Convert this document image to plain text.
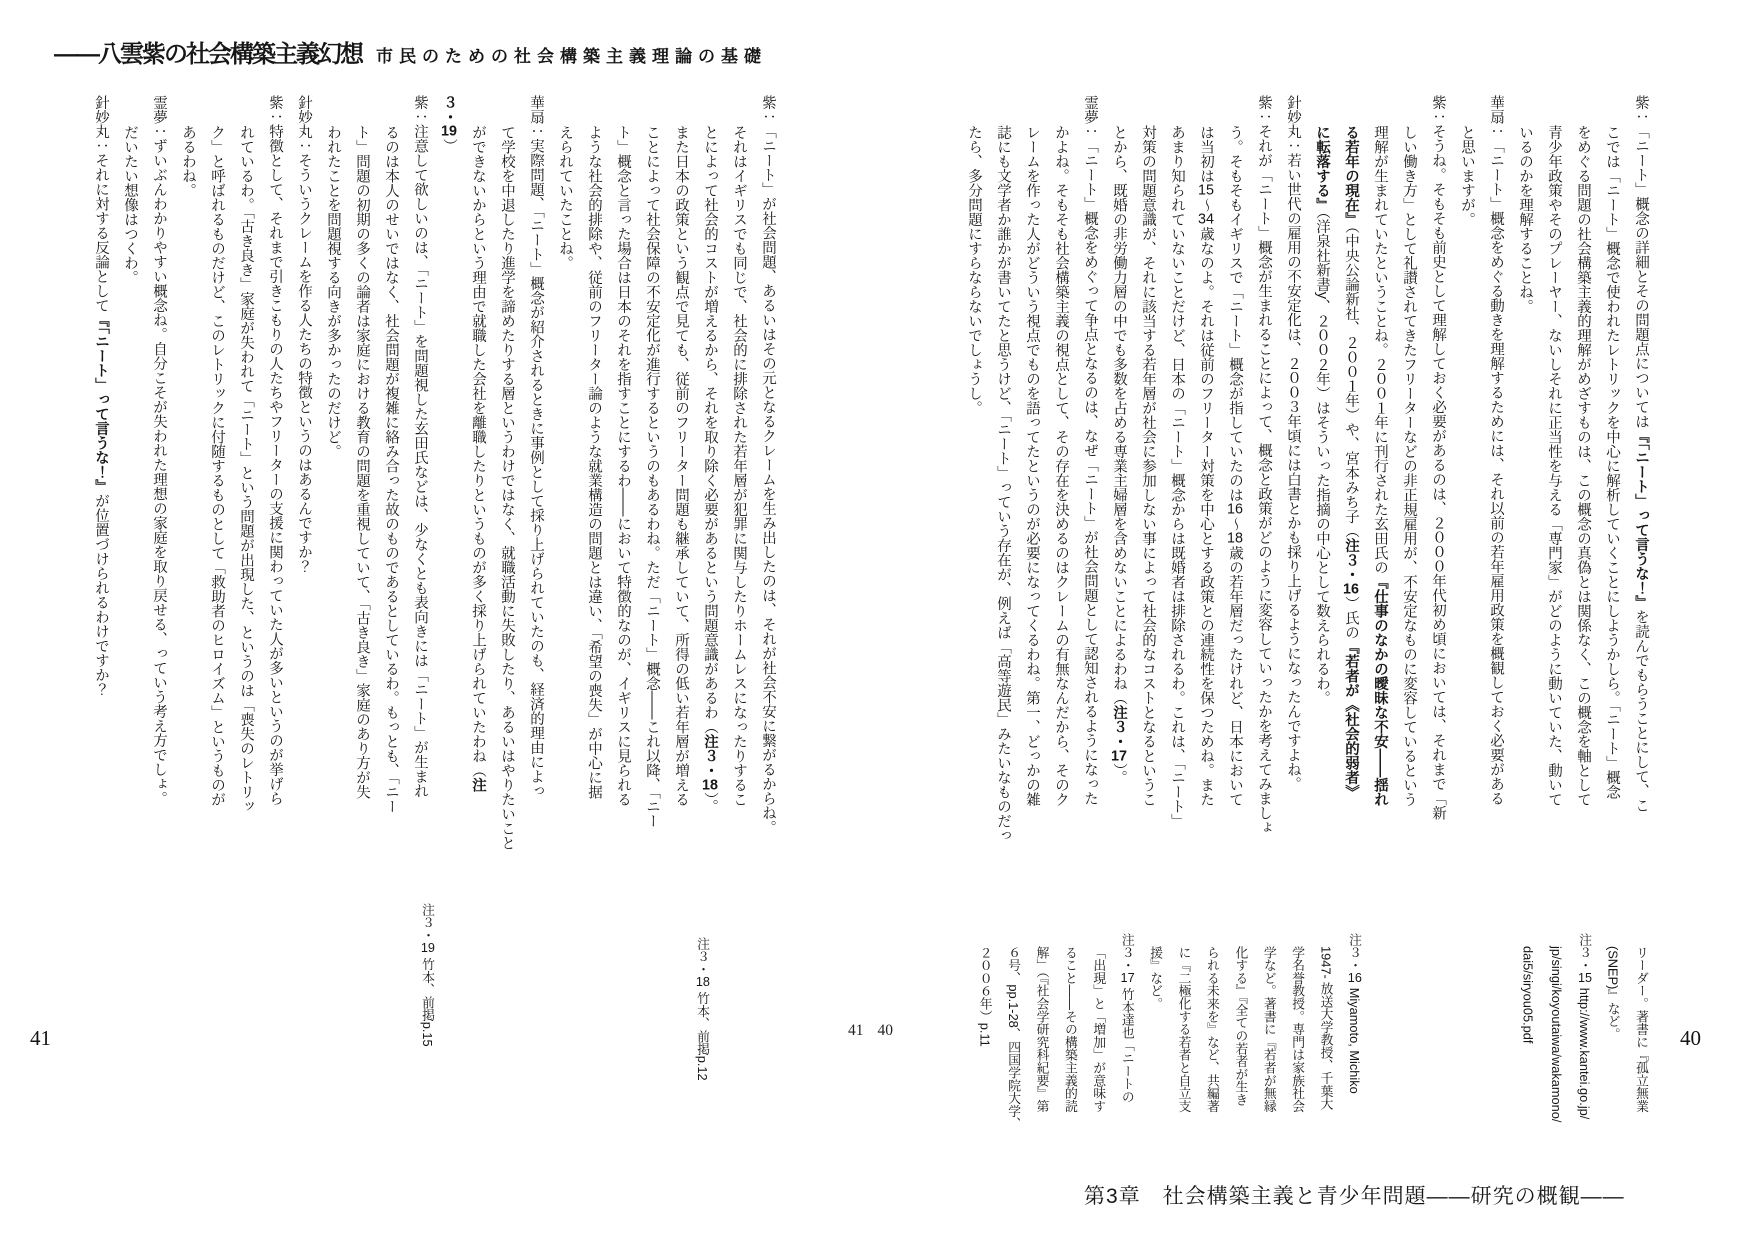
――八雲紫の社会構築主義幻想 市民のための社会構築主義理論の基礎

紫：「ニート」概念の詳細とその問題点については『「ニート」って言うな！』を読んでもらうことにして、こ

こでは「ニート」概念で使われたレトリックを中心に解析していくことにしようかしら。「ニート」概念

をめぐる問題の社会構築主義的理解がめざすものは、この概念の真偽とは関係なく、この概念を軸として

青少年政策やそのプレーヤー、ないしそれに正当性を与える「専門家」がどのように動いていた、動いて

いるのかを理解することね。

華扇：「ニート」概念をめぐる動きを理解するためには、それ以前の若年雇用政策を概観しておく必要がある

と思いますが。

紫：そうね。そもそも前史として理解しておく必要があるのは、２０００年代初め頃においては、それまで「新

しい働き方」として礼讃されてきたフリーターなどの非正規雇用が、不安定なものに変容しているという

理解が生まれていたということね。２００１年に刊行された玄田氏の『仕事のなかの曖昧な不安――揺れ

る若年の現在』（中央公論新社、２００１年）や、宮本みち子（注３・16）氏の『若者が《社会的弱者》

に転落する』（洋泉社新書y、２００２年）はそういった指摘の中心として数えられるわ。

針妙丸：若い世代の雇用の不安定化は、２００３年頃には白書とかも採り上げるようになったんですよね。

紫：それが「ニート」概念が生まれることによって、概念と政策がどのように変容していったかを考えてみましょ

う。そもそもイギリスで「ニート」概念が指していたのは16～18歳の若年層だったけれど、日本において

は当初は15～34歳なのよ。それは従前のフリーター対策を中心とする政策との連続性を保つためね。また

あまり知られていないことだけど、日本の「ニート」概念からは既婚者は排除されるわ。これは、「ニート」

対策の問題意識が、それに該当する若年層が社会に参加しない事によって社会的なコストとなるというこ

とから、既婚の非労働力層の中でも多数を占める専業主婦層を含めないことによるわね（注３・17）。

霊夢：「ニート」概念をめぐって争点となるのは、なぜ「ニート」が社会問題として認知されるようになった

かよね。そもそも社会構築主義の視点として、その存在を決めるのはクレームの有無なんだから、そのク

レームを作った人がどういう視点でものを語ってたというのが必要になってくるわね。第一、どっかの雑

誌にも文学者か誰かが書いてたと思うけど、「ニート」っていう存在が、例えば「高等遊民」みたいなものだっ

たら、多分問題にすらならないでしょうし。

リーダー。著書に『孤立無業

(SNEP)』など。

注３・15 http://www.kantei.go.jp/

jp/singi/koyoutaiwa/wakamono/

dai5/siryou05.pdf

注３・16 Miyamoto, Michiko

1947- 放送大学教授、千葉大

学名誉教授。専門は家族社会

学など。著書に『若者が無縁

化する』『全ての若者が生き

られる未来を』など、共編著

に『二極化する若者と自立支

援』など。

注３・17 竹本達也「ニートの

「出現」と「増加」が意味す

ること――その構築主義的読

解」（『社会学研究科紀要』第

６号、pp.1-28、四国学院大学、

２００６年）p.11

紫：「ニート」が社会問題、あるいはその元となるクレームを生み出したのは、それが社会不安に繋がるからね。

それはイギリスでも同じで、社会的に排除された若年層が犯罪に関与したりホームレスになったりするこ

とによって社会的コストが増えるから、それを取り除く必要があるという問題意識があるわ（注３・18）。

また日本の政策という観点で見ても、従前のフリーター問題も継承していて、所得の低い若年層が増える

ことによって社会保障の不安定化が進行するというのもあるわね。ただ「ニート」概念――これ以降、「ニー

ト」概念と言った場合は日本のそれを指すことにするわ――において特徴的なのが、イギリスに見られる

ような社会的排除や、従前のフリーター論のような就業構造の問題とは違い、「希望の喪失」が中心に据

えられていたことね。

華扇：実際問題、「ニート」概念が紹介されるときに事例として採り上げられていたのも、経済的理由によっ

て学校を中退したり進学を諦めたりする層というわけではなく、就職活動に失敗したり、あるいはやりたいこと

ができないからという理由で就職した会社を離職したりというものが多く採り上げられていたわね（注

３・19）

紫：注意して欲しいのは、「ニート」を問題視した玄田氏などは、少なくとも表向きには「ニート」が生まれ

るのは本人のせいではなく、社会問題が複雑に絡み合った故のものであるとしているわ。もっとも、「ニー

ト」問題の初期の多くの論者は家庭における教育の問題を重視していて、「古き良き」家庭のあり方が失

われたことを問題視する向きが多かったのだけど。

針妙丸：そういうクレームを作る人たちの特徴というのはあるんですか？

紫：特徴として、それまで引きこもりの人たちやフリーターの支援に関わっていた人が多いというのが挙げら

れているわ。「古き良き」家庭が失われて「ニート」という問題が出現した、というのは「喪失のレトリッ

ク」と呼ばれるものだけど、このレトリックに付随するものとして「救助者のヒロイズム」というものが

あるわね。

霊夢：ずいぶんわかりやすい概念ね。自分こそが失われた理想の家庭を取り戻せる、っていう考え方でしょ。

だいたい想像はつくわ。

針妙丸：それに対する反論として『「ニート」って言うな！』が位置づけられるわけですか？

注３・18 竹本、前掲p.12
注３・19 竹本、前掲p.15
41	40
41 40
第3章　社会構築主義と青少年問題――研究の概観――
